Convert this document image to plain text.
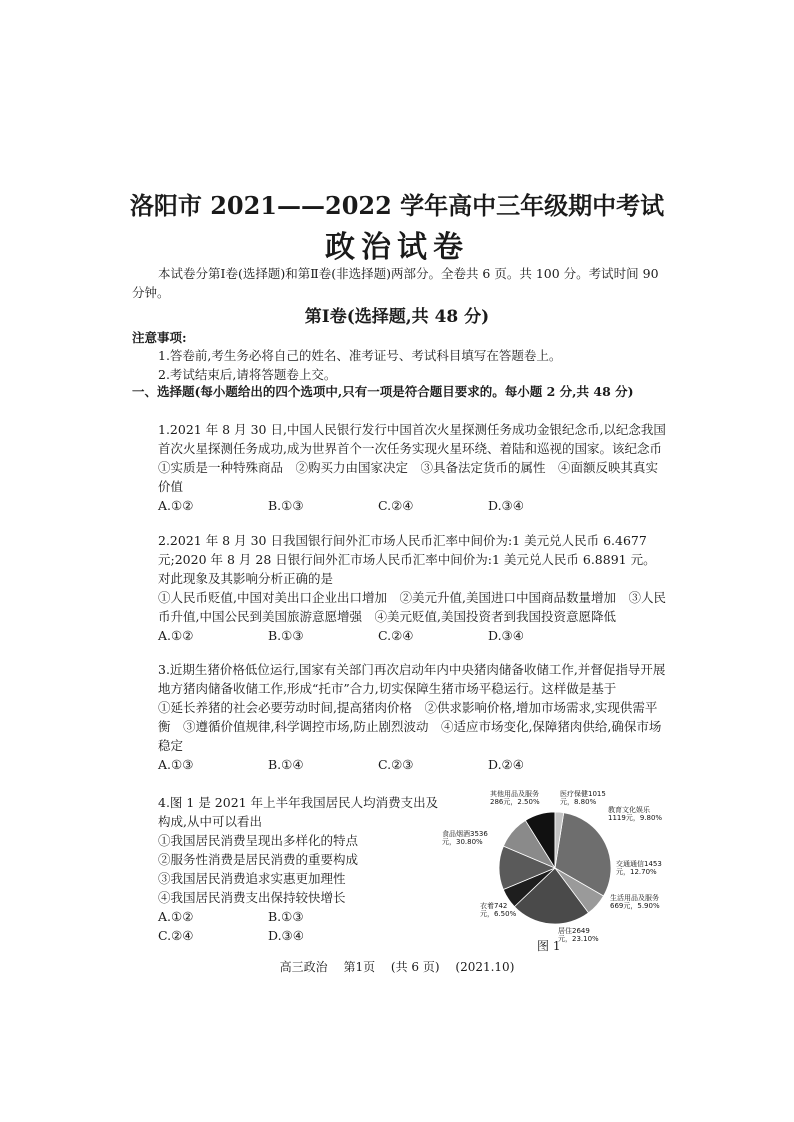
洛阳市 2021——2022 学年高中三年级期中考试
政治试卷
本试卷分第Ⅰ卷(选择题)和第Ⅱ卷(非选择题)两部分。全卷共 6 页。共 100 分。考试时间 90 分钟。
第Ⅰ卷(选择题,共 48 分)
注意事项:
1.答卷前,考生务必将自己的姓名、准考证号、考试科目填写在答题卷上。
2.考试结束后,请将答题卷上交。
一、选择题(每小题给出的四个选项中,只有一项是符合题目要求的。每小题 2 分,共 48 分)

1.2021 年 8 月 30 日,中国人民银行发行中国首次火星探测任务成功金银纪念币,以纪念我国首次火星探测任务成功,成为世界首个一次任务实现火星环绕、着陆和巡视的国家。该纪念币

①实质是一种特殊商品　②购买力由国家决定　③具备法定货币的属性　④面额反映其真实价值

A.①②	B.①③	C.②④	D.③④

2.2021 年 8 月 30 日我国银行间外汇市场人民币汇率中间价为:1 美元兑人民币 6.4677 元;2020 年 8 月 28 日银行间外汇市场人民币汇率中间价为:1 美元兑人民币 6.8891 元。对此现象及其影响分析正确的是

①人民币贬值,中国对美出口企业出口增加　②美元升值,美国进口中国商品数量增加　③人民币升值,中国公民到美国旅游意愿增强　④美元贬值,美国投资者到我国投资意愿降低

A.①②	B.①③	C.②④	D.③④

3.近期生猪价格低位运行,国家有关部门再次启动年内中央猪肉储备收储工作,并督促指导开展地方猪肉储备收储工作,形成“托市”合力,切实保障生猪市场平稳运行。这样做是基于

①延长养猪的社会必要劳动时间,提高猪肉价格　②供求影响价格,增加市场需求,实现供需平衡　③遵循价值规律,科学调控市场,防止剧烈波动　④适应市场变化,保障猪肉供给,确保市场稳定

A.①③	B.①④	C.②③	D.②④

4.图 1 是 2021 年上半年我国居民人均消费支出及构成,从中可以看出

①我国居民消费呈现出多样化的特点

②服务性消费是居民消费的重要构成

③我国居民消费追求实惠更加理性

④我国居民消费支出保持较快增长

A.①②	B.①③
C.②④	D.③④
食品烟酒3536
元，30.80%
衣着742
元，6.50%
居住2649
元，23.10%
生活用品及服务
669元，5.90%
交通通信1453
元，12.70%
教育文化娱乐
1119元，9.80%
医疗保健1015
元，8.80%
其他用品及服务
286元，2.50%
图 1
高三政治 第1页 (共 6 页) (2021.10)
